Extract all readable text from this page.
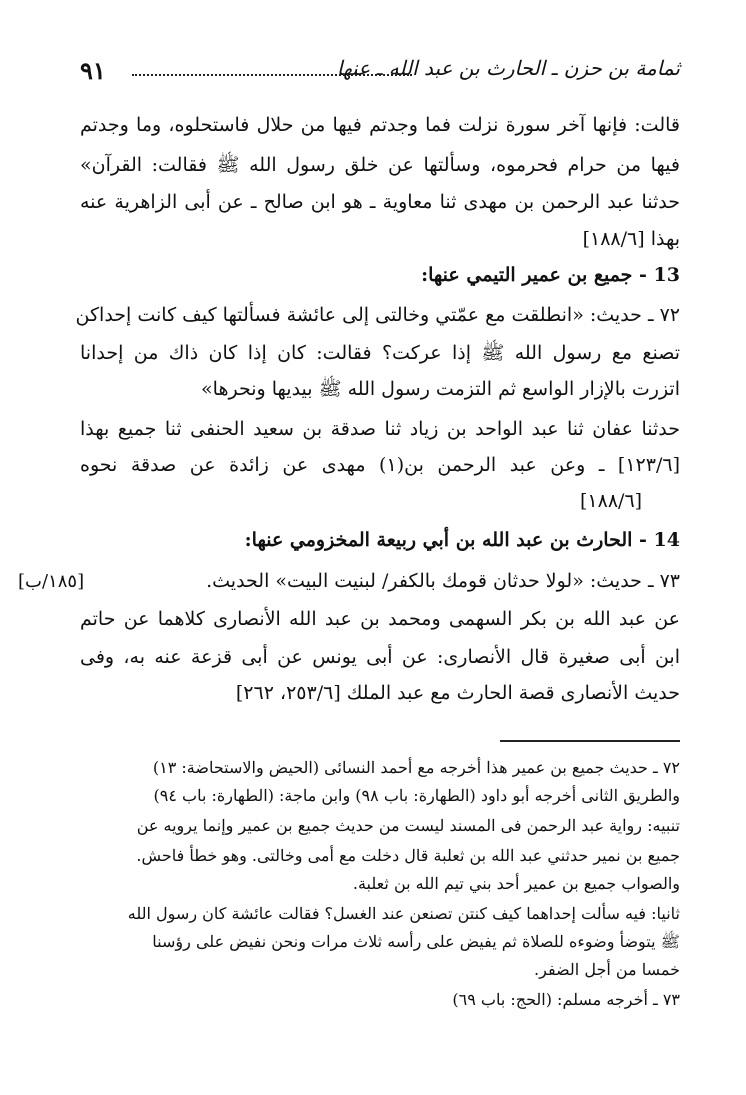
ثمامة بن حزن ـ الحارث بن عبد الله ـ عنها
٩١
قالت: فإنها آخر سورة نزلت فما وجدتم فيها من حلال فاستحلوه، وما وجدتم
فيها من حرام فحرموه، وسألتها عن خلق رسول الله ﷺ فقالت: القرآن»
حدثنا عبد الرحمن بن مهدى ثنا معاوية ـ هو ابن صالح ـ عن أبى الزاهرية عنه
بهذا [١٨٨/٦]
13 - جميع بن عمير التيمي عنها:
٧٢ ـ حديث: «انطلقت مع عمّتي وخالتى إلى عائشة فسألتها كيف كانت إحداكن
تصنع مع رسول الله ﷺ إذا عركت؟ فقالت: كان إذا كان ذاك من إحدانا
اتزرت بالإزار الواسع ثم التزمت رسول الله ﷺ بيديها ونحرها»
حدثنا عفان ثنا عبد الواحد بن زياد ثنا صدقة بن سعيد الحنفى ثنا جميع بهذا
[١٢٣/٦] ـ وعن عبد الرحمن بن(١) مهدى عن زائدة عن صدقة نحوه
[١٨٨/٦]
14 - الحارث بن عبد الله بن أبي ربيعة المخزومي عنها:
٧٣ ـ حديث: «لولا حدثان قومك بالكفر/ لبنيت البيت» الحديث.
[١٨٥/ب]
عن عبد الله بن بكر السهمى ومحمد بن عبد الله الأنصارى كلاهما عن حاتم
ابن أبى صغيرة قال الأنصارى: عن أبى يونس عن أبى قزعة عنه به، وفى
حديث الأنصارى قصة الحارث مع عبد الملك [٢٥٣/٦، ٢٦٢]
٧٢ ـ حديث جميع بن عمير هذا أخرجه مع أحمد النسائى (الحيض والاستحاضة: ١٣)
والطريق الثانى أخرجه أبو داود (الطهارة: باب ٩٨) وابن ماجة: (الطهارة: باب ٩٤)
تنبيه: رواية عبد الرحمن فى المسند ليست من حديث جميع بن عمير وإنما يرويه عن
جميع بن نمير حدثني عبد الله بن ثعلبة قال دخلت مع أمى وخالتى. وهو خطأ فاحش.
والصواب جميع بن عمير أحد بني تيم الله بن ثعلبة.
ثانيا: فيه سألت إحداهما كيف كنتن تصنعن عند الغسل؟ فقالت عائشة كان رسول الله
ﷺ يتوضأ وضوءه للصلاة ثم يفيض على رأسه ثلاث مرات ونحن نفيض على رؤسنا
خمسا من أجل الضفر.
٧٣ ـ أخرجه مسلم: (الحج: باب ٦٩)
